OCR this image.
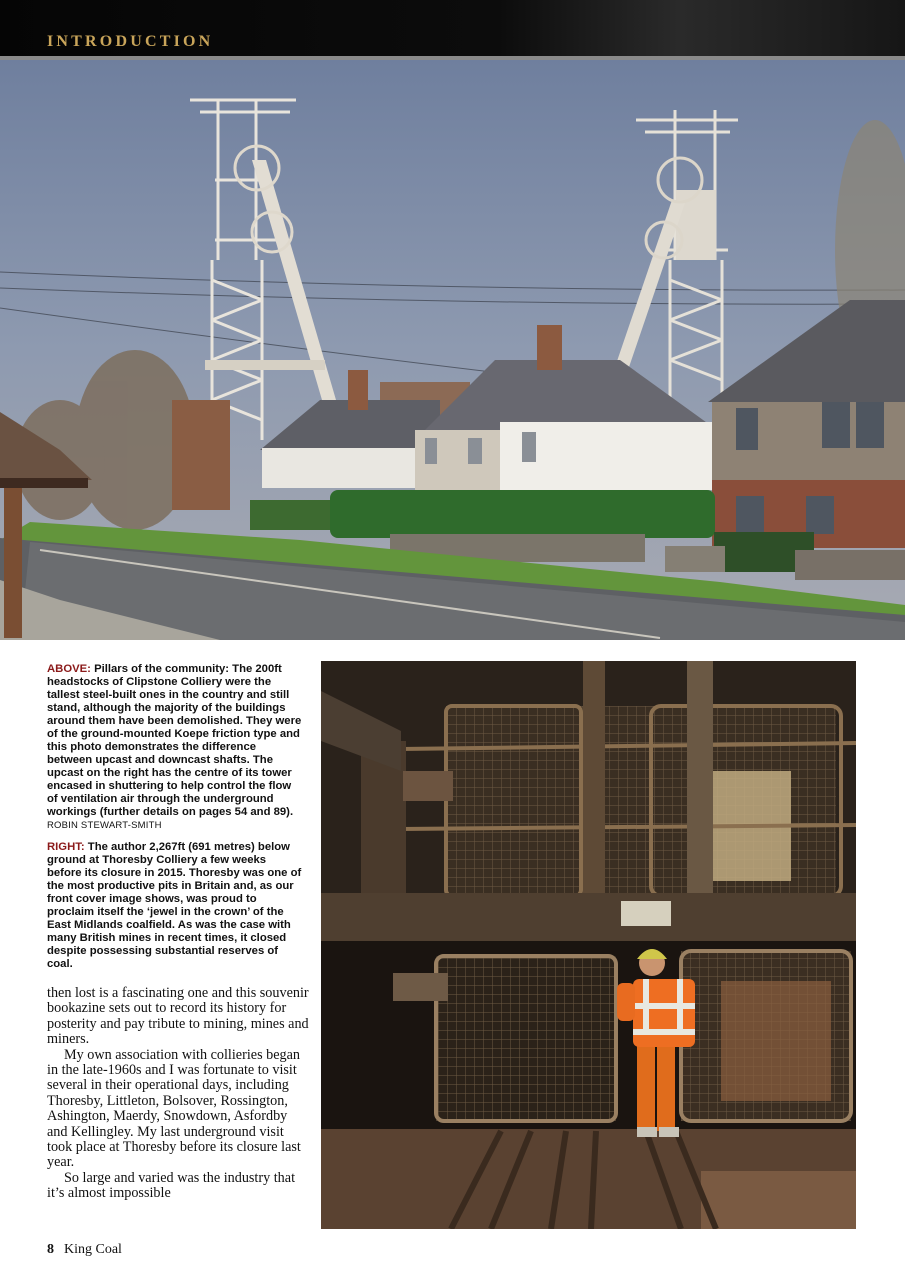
INTRODUCTION
ABOVE: Pillars of the community: The 200ft headstocks of Clipstone Colliery were the tallest steel-built ones in the country and still stand, although the majority of the buildings around them have been demolished. They were of the ground-mounted Koepe friction type and this photo demonstrates the difference between upcast and downcast shafts. The upcast on the right has the centre of its tower encased in shuttering to help control the flow of ventilation air through the underground workings (further details on pages 54 and 89). ROBIN STEWART-SMITH
RIGHT: The author 2,267ft (691 metres) below ground at Thoresby Colliery a few weeks before its closure in 2015. Thoresby was one of the most productive pits in Britain and, as our front cover image shows, was proud to proclaim itself the ‘jewel in the crown’ of the East Midlands coalfield. As was the case with many British mines in recent times, it closed despite possessing substantial reserves of coal.

then lost is a fascinating one and this souvenir bookazine sets out to record its history for posterity and pay tribute to mining, mines and miners.

My own association with collieries began in the late-1960s and I was fortunate to visit several in their operational days, including Thoresby, Littleton, Bolsover, Rossington, Ashington, Maerdy, Snowdown, Asfordby and Kellingley. My last underground visit took place at Thoresby before its closure last year.

So large and varied was the industry that it’s almost impossible

8 King Coal
